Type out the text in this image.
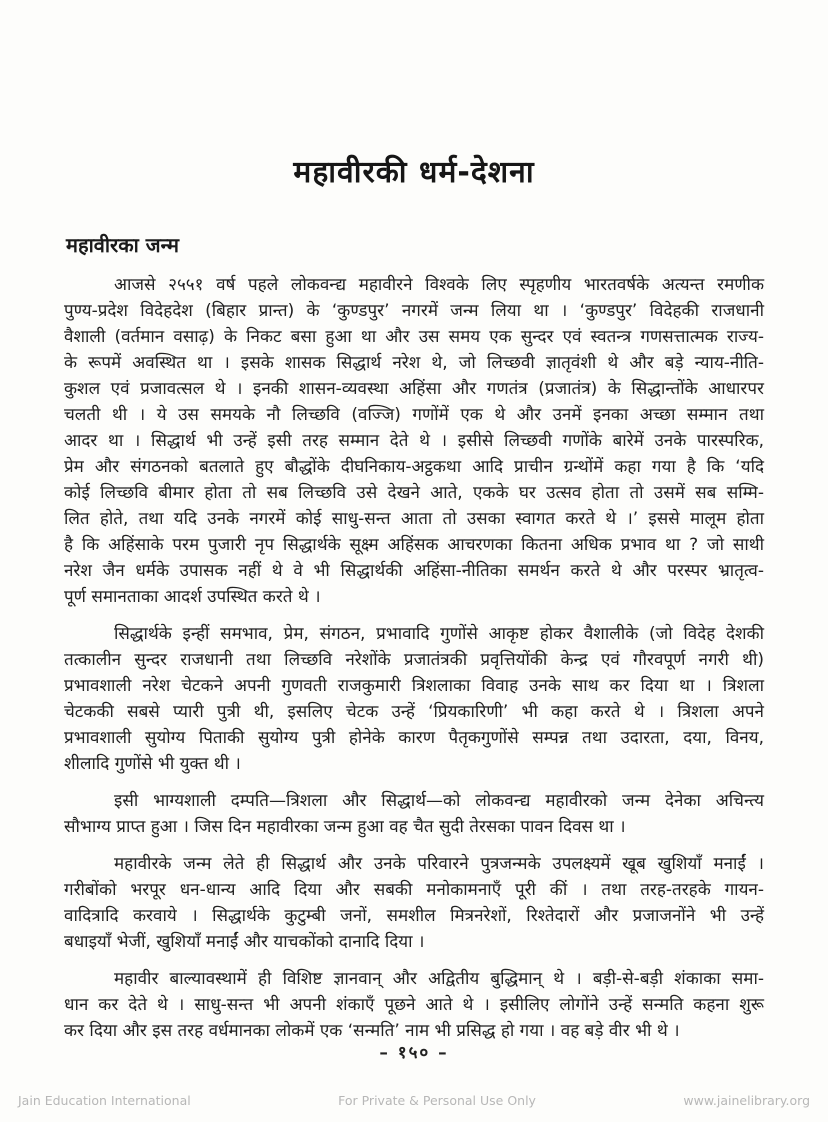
महावीरकी धर्म-देशना
महावीरका जन्म
आजसे २५५१ वर्ष पहले लोकवन्द्य महावीरने विश्वके लिए स्पृहणीय भारतवर्षके अत्यन्त रमणीक
पुण्य-प्रदेश विदेहदेश (बिहार प्रान्त) के ‘कुण्डपुर’ नगरमें जन्म लिया था । ‘कुण्डपुर’ विदेहकी राजधानी
वैशाली (वर्तमान वसाढ़) के निकट बसा हुआ था और उस समय एक सुन्दर एवं स्वतन्त्र गणसत्तात्मक राज्य-
के रूपमें अवस्थित था । इसके शासक सिद्धार्थ नरेश थे, जो लिच्छवी ज्ञातृवंशी थे और बड़े न्याय-नीति-
कुशल एवं प्रजावत्सल थे । इनकी शासन-व्यवस्था अहिंसा और गणतंत्र (प्रजातंत्र) के सिद्धान्तोंके आधारपर
चलती थी । ये उस समयके नौ लिच्छवि (वज्जि) गणोंमें एक थे और उनमें इनका अच्छा सम्मान तथा
आदर था । सिद्धार्थ भी उन्हें इसी तरह सम्मान देते थे । इसीसे लिच्छवी गणोंके बारेमें उनके पारस्परिक,
प्रेम और संगठनको बतलाते हुए बौद्धोंके दीघनिकाय-अट्ठकथा आदि प्राचीन ग्रन्थोंमें कहा गया है कि ‘यदि
कोई लिच्छवि बीमार होता तो सब लिच्छवि उसे देखने आते, एकके घर उत्सव होता तो उसमें सब सम्मि-
लित होते, तथा यदि उनके नगरमें कोई साधु-सन्त आता तो उसका स्वागत करते थे ।’ इससे मालूम होता
है कि अहिंसाके परम पुजारी नृप सिद्धार्थके सूक्ष्म अहिंसक आचरणका कितना अधिक प्रभाव था ? जो साथी
नरेश जैन धर्मके उपासक नहीं थे वे भी सिद्धार्थकी अहिंसा-नीतिका समर्थन करते थे और परस्पर भ्रातृत्व-
पूर्ण समानताका आदर्श उपस्थित करते थे ।
सिद्धार्थके इन्हीं समभाव, प्रेम, संगठन, प्रभावादि गुणोंसे आकृष्ट होकर वैशालीके (जो विदेह देशकी
तत्कालीन सुन्दर राजधानी तथा लिच्छवि नरेशोंके प्रजातंत्रकी प्रवृत्तियोंकी केन्द्र एवं गौरवपूर्ण नगरी थी)
प्रभावशाली नरेश चेटकने अपनी गुणवती राजकुमारी त्रिशलाका विवाह उनके साथ कर दिया था । त्रिशला
चेटककी सबसे प्यारी पुत्री थी, इसलिए चेटक उन्हें ‘प्रियकारिणी’ भी कहा करते थे । त्रिशला अपने
प्रभावशाली सुयोग्य पिताकी सुयोग्य पुत्री होनेके कारण पैतृकगुणोंसे सम्पन्न तथा उदारता, दया, विनय,
शीलादि गुणोंसे भी युक्त थी ।
इसी भाग्यशाली दम्पति—त्रिशला और सिद्धार्थ—को लोकवन्द्य महावीरको जन्म देनेका अचिन्त्य
सौभाग्य प्राप्त हुआ । जिस दिन महावीरका जन्म हुआ वह चैत सुदी तेरसका पावन दिवस था ।
महावीरके जन्म लेते ही सिद्धार्थ और उनके परिवारने पुत्रजन्मके उपलक्ष्यमें खूब खुशियाँ मनाईं ।
गरीबोंको भरपूर धन-धान्य आदि दिया और सबकी मनोकामनाएँ पूरी कीं । तथा तरह-तरहके गायन-
वादित्रादि करवाये । सिद्धार्थके कुटुम्बी जनों, समशील मित्रनरेशों, रिश्तेदारों और प्रजाजनोंने भी उन्हें
बधाइयाँ भेजीं, खुशियाँ मनाईं और याचकोंको दानादि दिया ।
महावीर बाल्यावस्थामें ही विशिष्ट ज्ञानवान् और अद्वितीय बुद्धिमान् थे । बड़ी-से-बड़ी शंकाका समा-
धान कर देते थे । साधु-सन्त भी अपनी शंकाएँ पूछने आते थे । इसीलिए लोगोंने उन्हें सन्मति कहना शुरू
कर दिया और इस तरह वर्धमानका लोकमें एक ‘सन्मति’ नाम भी प्रसिद्ध हो गया । वह बड़े वीर भी थे ।
– १५० –
Jain Education International	For Private & Personal Use Only	www.jainelibrary.org
